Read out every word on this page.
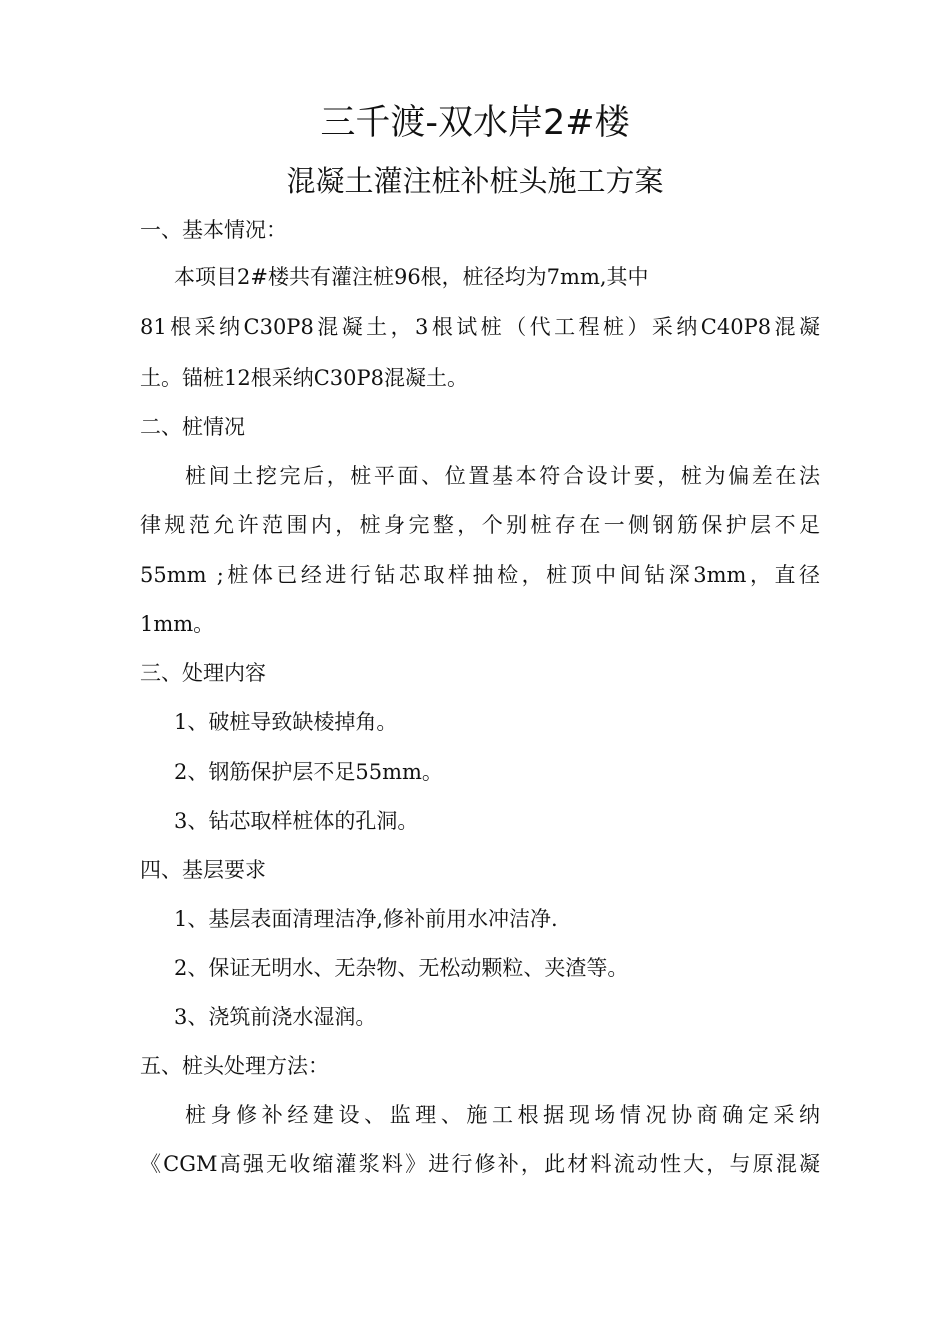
三千渡-双水岸2#楼
混凝土灌注桩补桩头施工方案
一、基本情况：
本项目2#楼共有灌注桩96根，桩径均为7mm,其中
81根采纳C30P8混凝土，3根试桩（代工程桩）采纳C40P8混凝
土。锚桩12根采纳C30P8混凝土。
二、桩情况
桩间土挖完后，桩平面、位置基本符合设计要，桩为偏差在法
律规范允许范围内，桩身完整，个别桩存在一侧钢筋保护层不足
55mm ;桩体已经进行钻芯取样抽检，桩顶中间钻深3mm，直径
1mm。
三、处理内容
1、破桩导致缺棱掉角。
2、钢筋保护层不足55mm。
3、钻芯取样桩体的孔洞。
四、基层要求
1、基层表面清理洁净,修补前用水冲洁净.
2、保证无明水、无杂物、无松动颗粒、夹渣等。
3、浇筑前浇水湿润。
五、桩头处理方法：
桩身修补经建设、监理、施工根据现场情况协商确定采纳
《CGM高强无收缩灌浆料》进行修补，此材料流动性大，与原混凝
